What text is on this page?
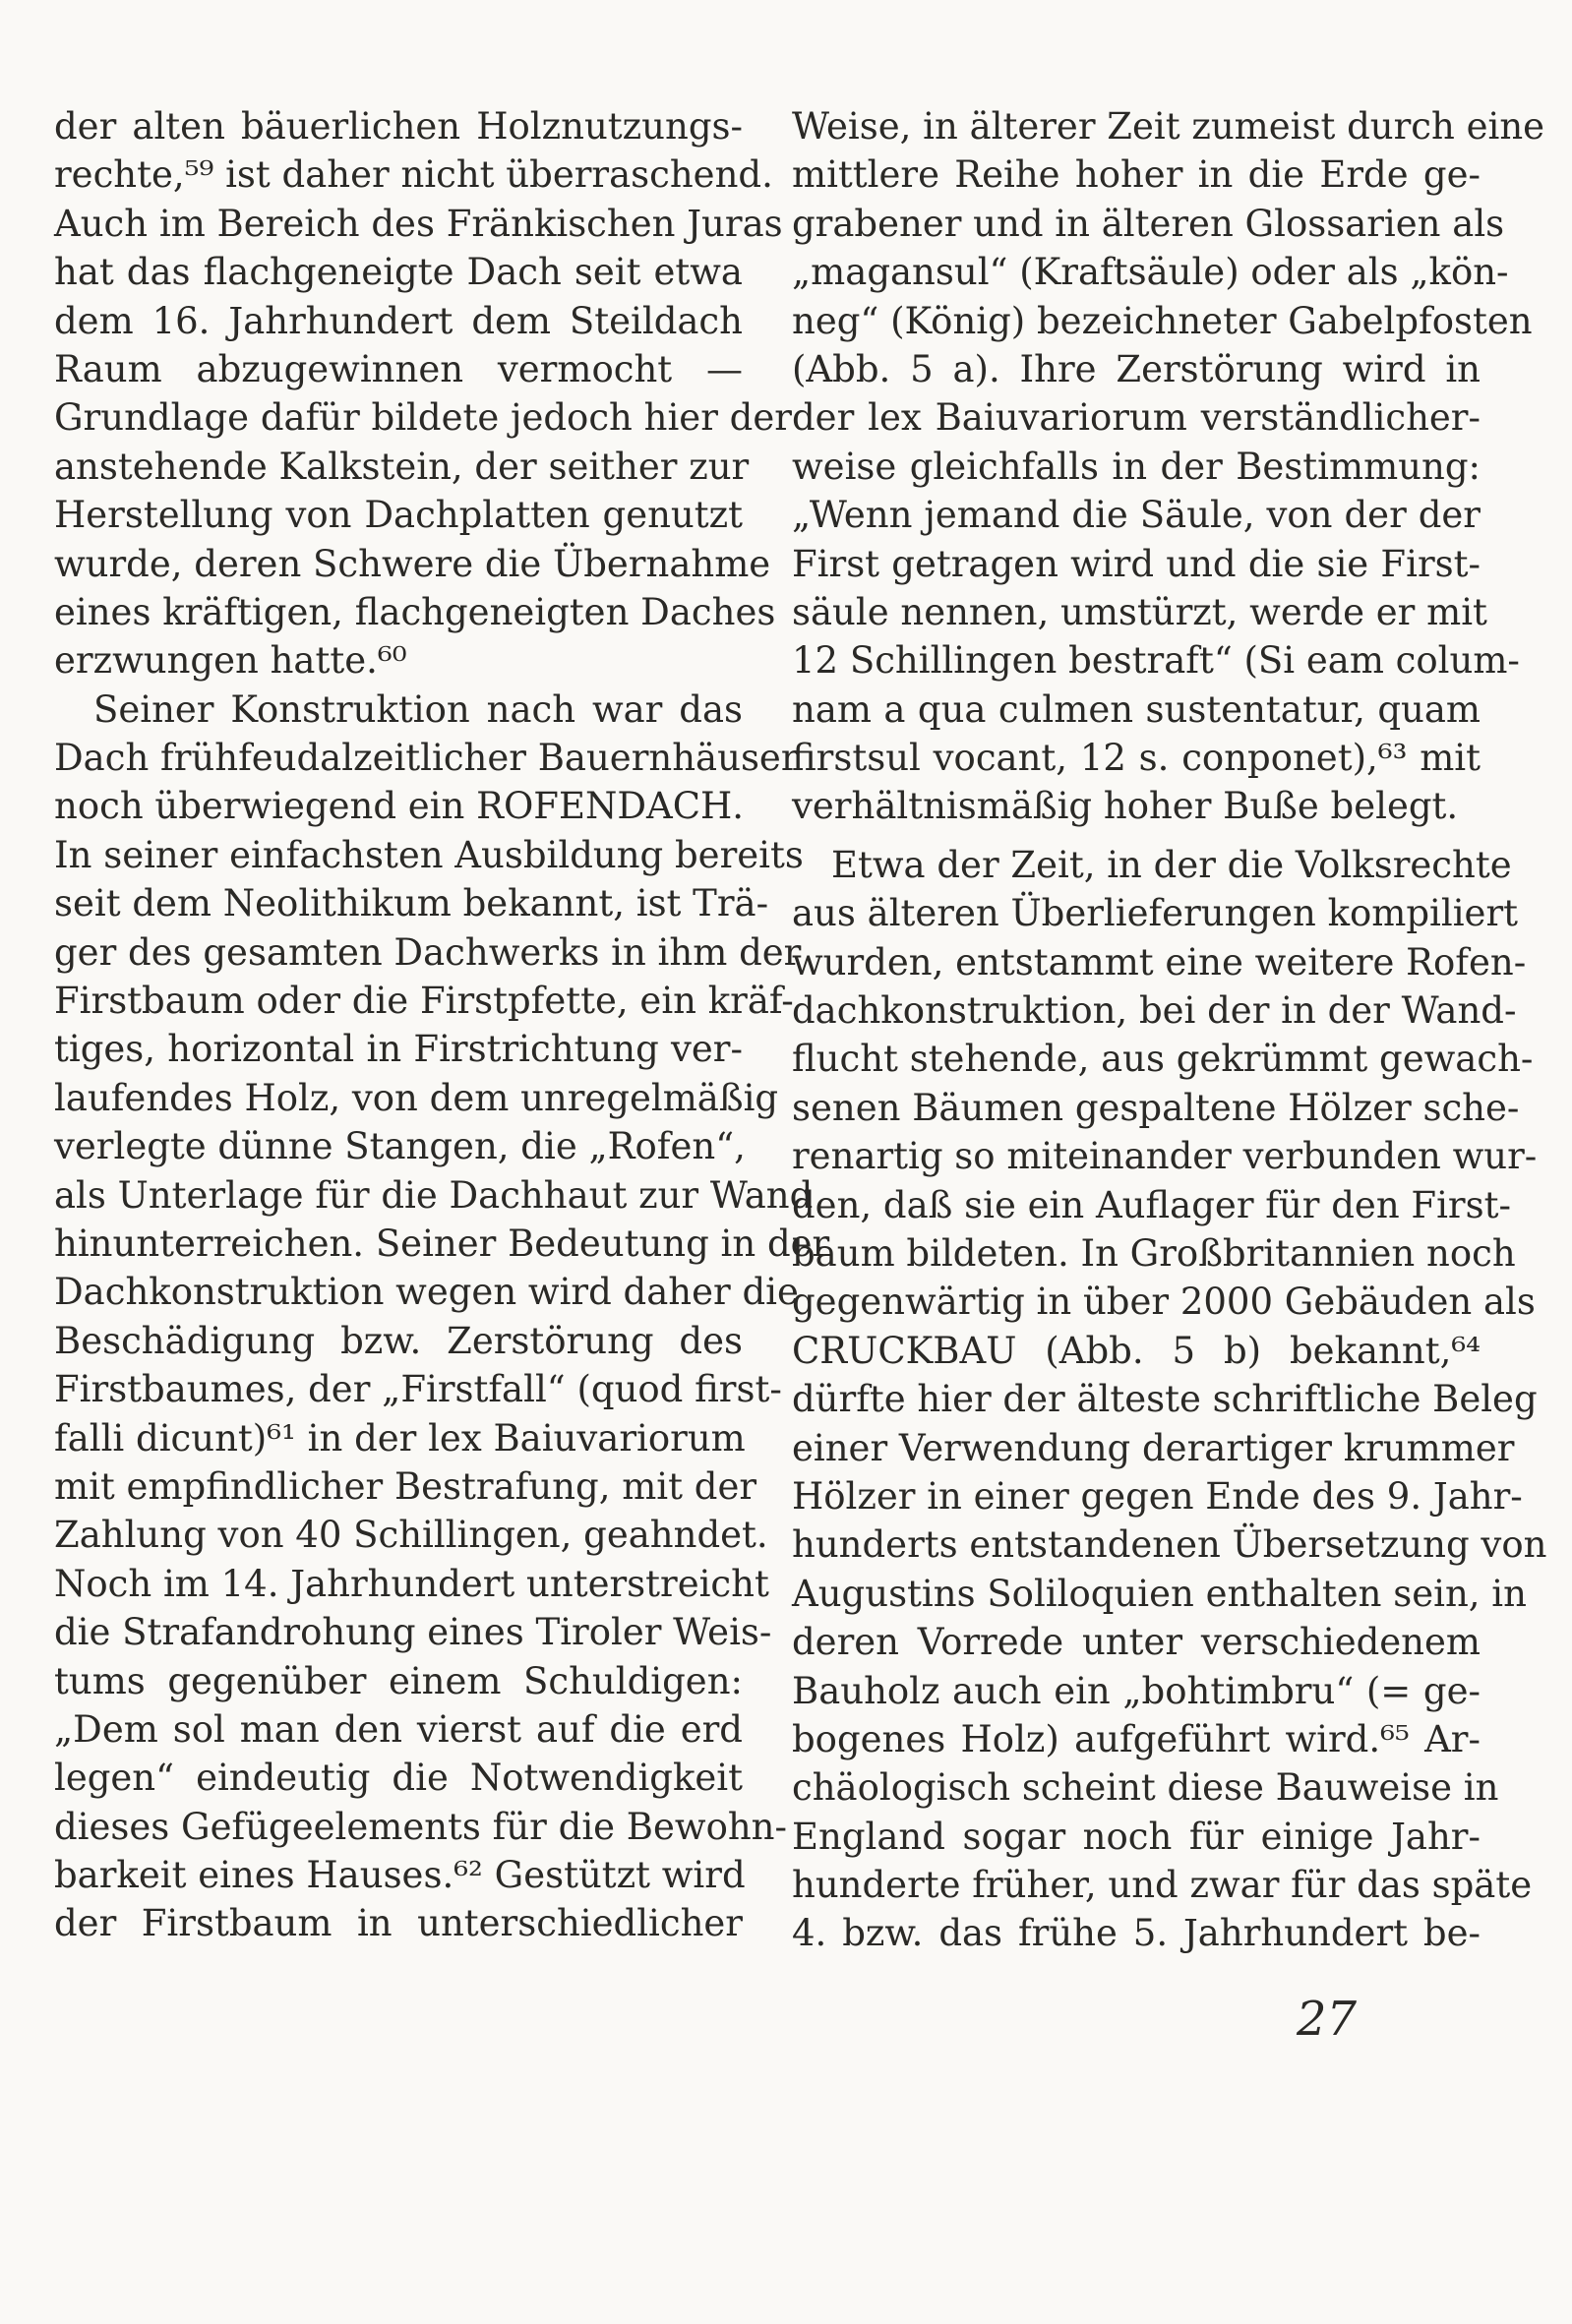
der alten bäuerlichen Holznutzungs-
rechte,⁵⁹ ist daher nicht überraschend.
Auch im Bereich des Fränkischen Juras
hat das flachgeneigte Dach seit etwa
dem 16. Jahrhundert dem Steildach
Raum abzugewinnen vermocht —
Grundlage dafür bildete jedoch hier der
anstehende Kalkstein, der seither zur
Herstellung von Dachplatten genutzt
wurde, deren Schwere die Übernahme
eines kräftigen, flachgeneigten Daches
erzwungen hatte.⁶⁰
Seiner Konstruktion nach war das
Dach frühfeudalzeitlicher Bauernhäuser
noch überwiegend ein ROFENDACH.
In seiner einfachsten Ausbildung bereits
seit dem Neolithikum bekannt, ist Trä-
ger des gesamten Dachwerks in ihm der
Firstbaum oder die Firstpfette, ein kräf-
tiges, horizontal in Firstrichtung ver-
laufendes Holz, von dem unregelmäßig
verlegte dünne Stangen, die „Rofen“,
als Unterlage für die Dachhaut zur Wand
hinunterreichen. Seiner Bedeutung in der
Dachkonstruktion wegen wird daher die
Beschädigung bzw. Zerstörung des
Firstbaumes, der „Firstfall“ (quod first-
falli dicunt)⁶¹ in der lex Baiuvariorum
mit empfindlicher Bestrafung, mit der
Zahlung von 40 Schillingen, geahndet.
Noch im 14. Jahrhundert unterstreicht
die Strafandrohung eines Tiroler Weis-
tums gegenüber einem Schuldigen:
„Dem sol man den vierst auf die erd
legen“ eindeutig die Notwendigkeit
dieses Gefügeelements für die Bewohn-
barkeit eines Hauses.⁶² Gestützt wird
der Firstbaum in unterschiedlicher
Weise, in älterer Zeit zumeist durch eine
mittlere Reihe hoher in die Erde ge-
grabener und in älteren Glossarien als
„magansul“ (Kraftsäule) oder als „kön-
neg“ (König) bezeichneter Gabelpfosten
(Abb. 5 a). Ihre Zerstörung wird in
der lex Baiuvariorum verständlicher-
weise gleichfalls in der Bestimmung:
„Wenn jemand die Säule, von der der
First getragen wird und die sie First-
säule nennen, umstürzt, werde er mit
12 Schillingen bestraft“ (Si eam colum-
nam a qua culmen sustentatur, quam
firstsul vocant, 12 s. conponet),⁶³ mit
verhältnismäßig hoher Buße belegt.
Etwa der Zeit, in der die Volksrechte
aus älteren Überlieferungen kompiliert
wurden, entstammt eine weitere Rofen-
dachkonstruktion, bei der in der Wand-
flucht stehende, aus gekrümmt gewach-
senen Bäumen gespaltene Hölzer sche-
renartig so miteinander verbunden wur-
den, daß sie ein Auflager für den First-
baum bildeten. In Großbritannien noch
gegenwärtig in über 2000 Gebäuden als
CRUCKBAU (Abb. 5 b) bekannt,⁶⁴
dürfte hier der älteste schriftliche Beleg
einer Verwendung derartiger krummer
Hölzer in einer gegen Ende des 9. Jahr-
hunderts entstandenen Übersetzung von
Augustins Soliloquien enthalten sein, in
deren Vorrede unter verschiedenem
Bauholz auch ein „bohtimbru“ (= ge-
bogenes Holz) aufgeführt wird.⁶⁵ Ar-
chäologisch scheint diese Bauweise in
England sogar noch für einige Jahr-
hunderte früher, und zwar für das späte
4. bzw. das frühe 5. Jahrhundert be-
27
